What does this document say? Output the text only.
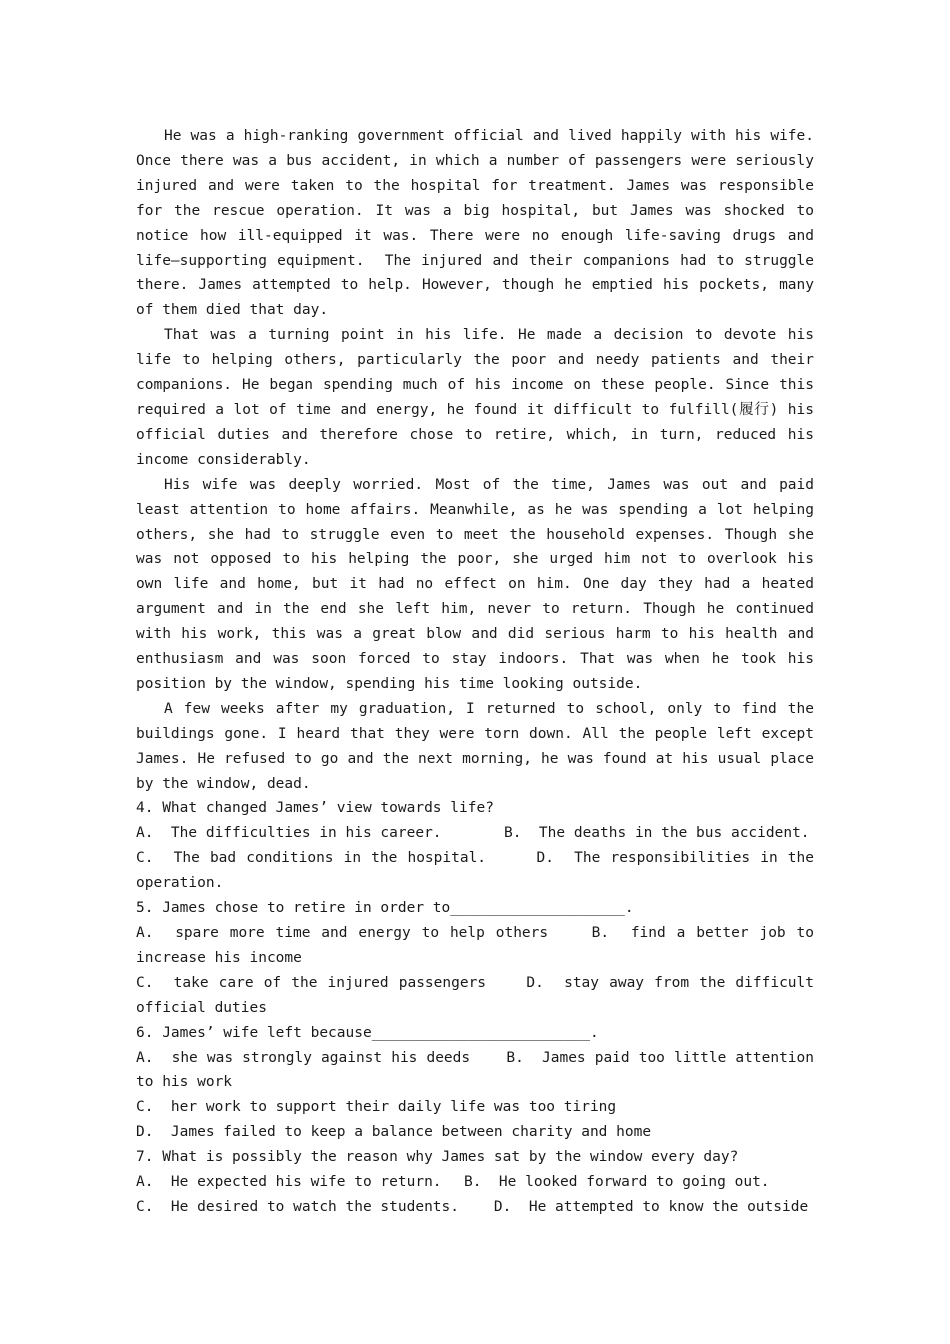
He was a high-ranking government official and lived happily with his wife. Once there was a bus accident, in which a number of passengers were seriously injured and were taken to the hospital for treatment. James was responsible for the rescue operation. It was a big hospital, but James was shocked to notice how ill-equipped it was. There were no enough life-saving drugs and life—supporting equipment.  The injured and their companions had to struggle there. James attempted to help. However, though he emptied his pockets, many of them died that day.

That was a turning point in his life. He made a decision to devote his life to helping others, particularly the poor and needy patients and their companions. He began spending much of his income on these people. Since this required a lot of time and energy, he found it difficult to fulfill(履行) his official duties and therefore chose to retire, which, in turn, reduced his income considerably.

His wife was deeply worried. Most of the time, James was out and paid least attention to home affairs. Meanwhile, as he was spending a lot helping others, she had to struggle even to meet the household expenses. Though she was not opposed to his helping the poor, she urged him not to overlook his own life and home, but it had no effect on him. One day they had a heated argument and in the end she left him, never to return. Though he continued with his work, this was a great blow and did serious harm to his health and enthusiasm and was soon forced to stay indoors. That was when he took his position by the window, spending his time looking outside.

A few weeks after my graduation, I returned to school, only to find the buildings gone. I heard that they were torn down. All the people left except James. He refused to go and the next morning, he was found at his usual place by the window, dead.

4. What changed James’ view towards life?

A.  The difficulties in his career.	B.  The deaths in the bus accident.

C.  The bad conditions in the hospital.     D.  The responsibilities in the operation.

5. James chose to retire in order to____________________.

A.  spare more time and energy to help others    B.  find a better job to increase his income

C.  take care of the injured passengers    D.  stay away from the difficult official duties

6. James’ wife left because_________________________.

A.  she was strongly against his deeds    B.  James paid too little attention to his work

C.  her work to support their daily life was too tiring

D.  James failed to keep a balance between charity and home

7. What is possibly the reason why James sat by the window every day?

A.  He expected his wife to return.	B.  He looked forward to going out.

C.  He desired to watch the students.    D.  He attempted to know the outside
